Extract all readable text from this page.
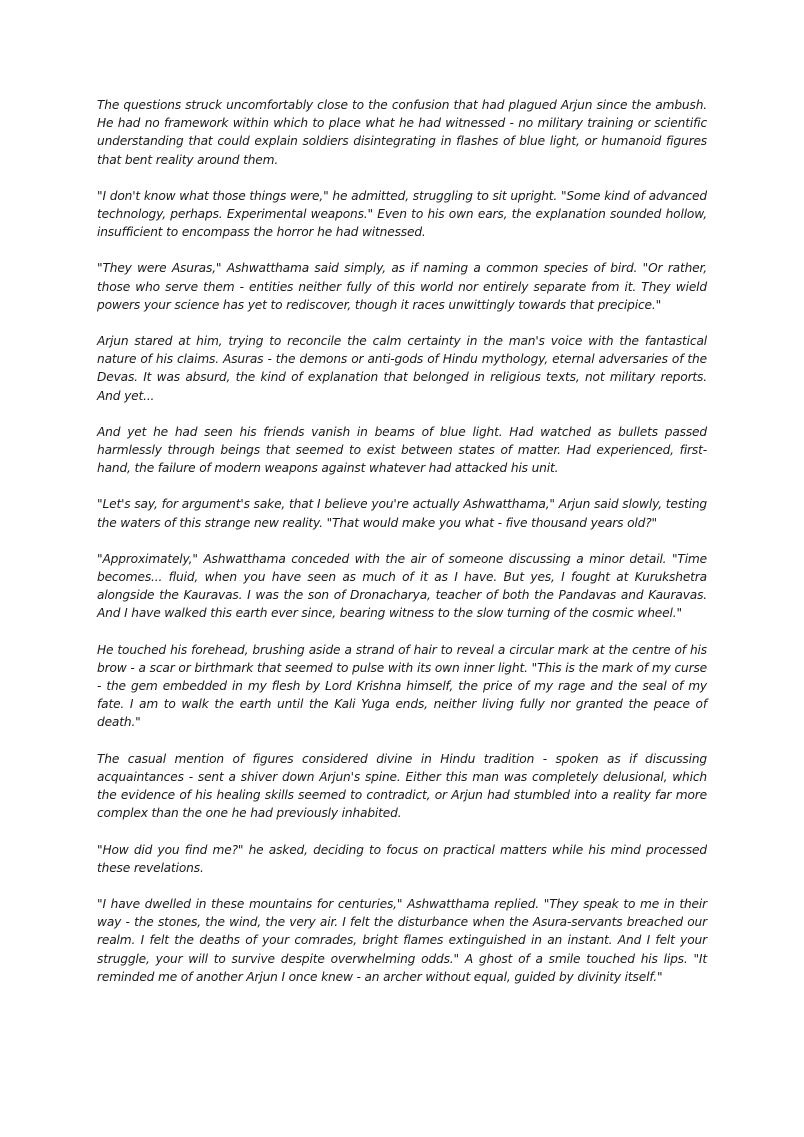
The questions struck uncomfortably close to the confusion that had plagued Arjun since the ambush. He had no framework within which to place what he had witnessed - no military training or scientific understanding that could explain soldiers disintegrating in flashes of blue light, or humanoid figures that bent reality around them.

"I don't know what those things were," he admitted, struggling to sit upright. "Some kind of advanced technology, perhaps. Experimental weapons." Even to his own ears, the explanation sounded hollow, insufficient to encompass the horror he had witnessed.

"They were Asuras," Ashwatthama said simply, as if naming a common species of bird. "Or rather, those who serve them - entities neither fully of this world nor entirely separate from it. They wield powers your science has yet to rediscover, though it races unwittingly towards that precipice."

Arjun stared at him, trying to reconcile the calm certainty in the man's voice with the fantastical nature of his claims. Asuras - the demons or anti-gods of Hindu mythology, eternal adversaries of the Devas. It was absurd, the kind of explanation that belonged in religious texts, not military reports. And yet...

And yet he had seen his friends vanish in beams of blue light. Had watched as bullets passed harmlessly through beings that seemed to exist between states of matter. Had experienced, first-hand, the failure of modern weapons against whatever had attacked his unit.

"Let's say, for argument's sake, that I believe you're actually Ashwatthama," Arjun said slowly, testing the waters of this strange new reality. "That would make you what - five thousand years old?"

"Approximately," Ashwatthama conceded with the air of someone discussing a minor detail. "Time becomes... fluid, when you have seen as much of it as I have. But yes, I fought at Kurukshetra alongside the Kauravas. I was the son of Dronacharya, teacher of both the Pandavas and Kauravas. And I have walked this earth ever since, bearing witness to the slow turning of the cosmic wheel."

He touched his forehead, brushing aside a strand of hair to reveal a circular mark at the centre of his brow - a scar or birthmark that seemed to pulse with its own inner light. "This is the mark of my curse - the gem embedded in my flesh by Lord Krishna himself, the price of my rage and the seal of my fate. I am to walk the earth until the Kali Yuga ends, neither living fully nor granted the peace of death."

The casual mention of figures considered divine in Hindu tradition - spoken as if discussing acquaintances - sent a shiver down Arjun's spine. Either this man was completely delusional, which the evidence of his healing skills seemed to contradict, or Arjun had stumbled into a reality far more complex than the one he had previously inhabited.

"How did you find me?" he asked, deciding to focus on practical matters while his mind processed these revelations.

"I have dwelled in these mountains for centuries," Ashwatthama replied. "They speak to me in their way - the stones, the wind, the very air. I felt the disturbance when the Asura-servants breached our realm. I felt the deaths of your comrades, bright flames extinguished in an instant. And I felt your struggle, your will to survive despite overwhelming odds." A ghost of a smile touched his lips. "It reminded me of another Arjun I once knew - an archer without equal, guided by divinity itself."
